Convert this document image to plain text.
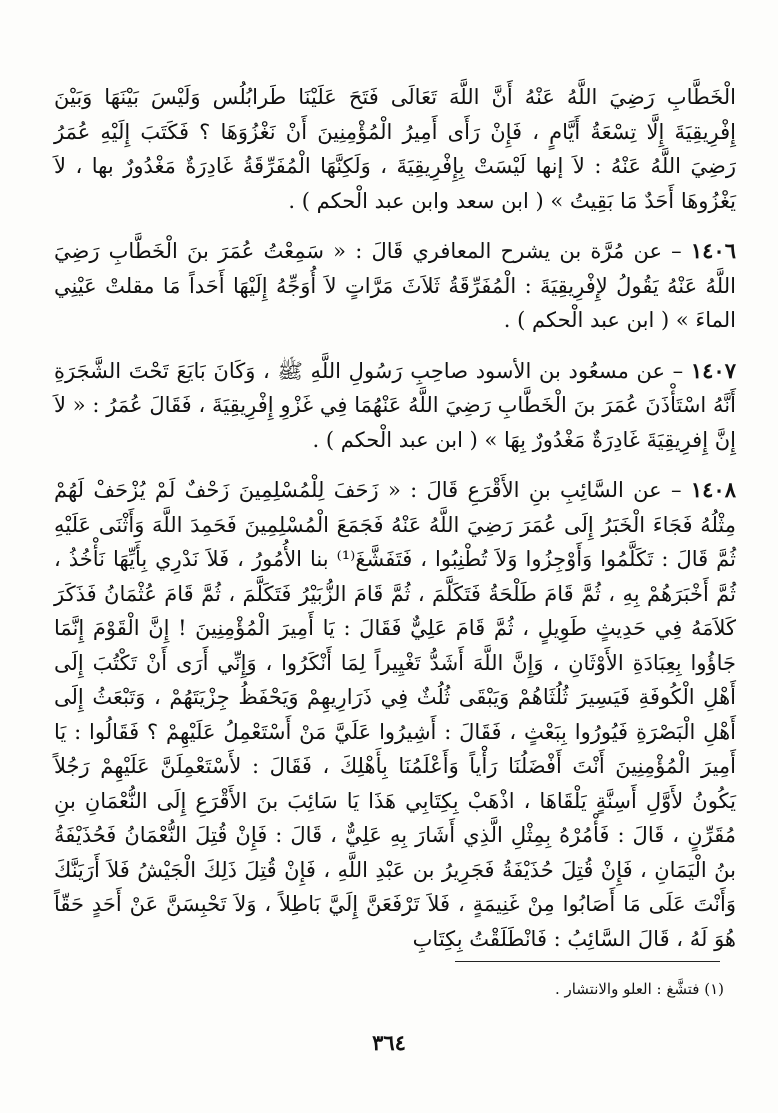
الْخَطَّابِ رَضِيَ اللَّهُ عَنْهُ أَنَّ اللَّهَ تَعَالَى فَتَحَ عَلَيْنَا طَرابُلُس وَلَيْسَ بَيْنَهَا وَبَيْنَ إِفْرِيقِيَةَ إِلَّا تِسْعَةُ أَيَّامٍ ، فَإِنْ رَأَى أَمِيرُ الْمُؤْمِنِينَ أَنْ نَغْزُوَهَا ؟ فَكَتَبَ إِلَيْهِ عُمَرُ رَضِيَ اللَّهُ عَنْهُ : لاَ إنها لَيْسَتْ بِإِفْرِيقِيَةَ ، وَلَكِنَّهَا الْمُفَرِّقَةُ غَادِرَةٌ مَغْدُورٌ بها ، لاَ يَغْزُوهَا أَحَدٌ مَا بَقِيتُ » ( ابن سعد وابن عبد الْحكم ) .

١٤٠٦ – عن مُرَّة بن يشرح المعافري قَالَ : « سَمِعْتُ عُمَرَ بنَ الْخَطَّابِ رَضِيَ اللَّهُ عَنْهُ يَقُولُ لإِفْرِيقِيَةَ : الْمُفَرِّقَةُ ثَلاَثَ مَرَّاتٍ لاَ أُوَجِّهُ إِلَيْهَا أَحَداً مَا مقلتْ عَيْنِي الماءَ » ( ابن عبد الْحكم ) .

١٤٠٧ – عن مسعُود بن الأسود صاحِبِ رَسُولِ اللَّهِ ﷺ ، وَكَانَ بَايَعَ تَحْتَ الشَّجَرَةِ أَنَّهُ اسْتَأْذَنَ عُمَرَ بنَ الْخَطَّابِ رَضِيَ اللَّهُ عَنْهُمَا فِي غَزْوِ إِفْرِيقِيَةَ ، فَقَالَ عُمَرُ : « لاَ إِنَّ إِفرِيقِيَةَ غَادِرَةٌ مَغْدُورٌ بِهَا » ( ابن عبد الْحكم ) .

١٤٠٨ – عن السَّائِبِ بنِ الأَقْرَعِ قَالَ : « زَحَفَ لِلْمُسْلِمِينَ زَحْفٌ لَمْ يُزْحَفْ لَهُمْ مِثْلُهُ فَجَاءَ الْخَبَرُ إِلَى عُمَرَ رَضِيَ اللَّهُ عَنْهُ فَجَمَعَ الْمُسْلِمِينَ فَحَمِدَ اللَّهَ وَأَثْنَى عَلَيْهِ ثُمَّ قَالَ : تَكَلَّمُوا وَأَوْجِزُوا وَلاَ تُطْنِبُوا ، فَتَفَشَّغَ⁽¹⁾ بنا الأُمُورُ ، فَلاَ نَدْرِي بِأَيِّهَا نَأْخُذُ ، ثُمَّ أَخْبَرَهُمْ بِهِ ، ثُمَّ قَامَ طَلْحَةُ فَتَكَلَّمَ ، ثُمَّ قَامَ الزُّبَيْرُ فَتَكَلَّمَ ، ثُمَّ قَامَ عُثْمَانُ فَذَكَرَ كَلاَمَهُ فِي حَدِيثٍ طَوِيلٍ ، ثُمَّ قَامَ عَلِيٌّ فَقَالَ : يَا أَمِيرَ الْمُؤْمِنِينَ ! إِنَّ الْقَوْمَ إِنَّمَا جَاؤُوا بِعِبَادَةِ الأَوْثَانِ ، وَإِنَّ اللَّهَ أَشَدُّ تَغْيِيراً لِمَا أَنْكَرُوا ، وَإِنِّي أَرَى أَنْ تَكْتُبَ إِلَى أَهْلِ الْكُوفَةِ فَيَسِيرَ ثُلُثَاهُمْ وَيَبْقَى ثُلُثٌ فِي ذَرَارِيهِمْ وَيَحْفَظُ جِزْيَتَهُمْ ، وَتَبْعَثُ إِلَى أَهْلِ الْبَصْرَةِ فَيُورُوا بِبَعْثٍ ، فَقَالَ : أَشِيرُوا عَلَيَّ مَنْ أَسْتَعْمِلُ عَلَيْهِمْ ؟ فَقَالُوا : يَا أَمِيرَ الْمُؤْمِنِينَ أَنْتَ أَفْضَلُنَا رَأْياً وَأَعْلَمُنَا بِأَهْلِكَ ، فَقَالَ : لأَسْتَعْمِلَنَّ عَلَيْهِمْ رَجُلاً يَكُونُ لأَوَّلِ أَسِنَّةٍ يَلْقَاهَا ، اذْهَبْ بِكِتَابِي هَذَا يَا سَائِبَ بنَ الأَقْرَعِ إِلَى النُّعْمَانِ بنِ مُقَرِّنٍ ، قَالَ : فَأْمُرْهُ بِمِثْلِ الَّذِي أَشَارَ بِهِ عَلِيٌّ ، قَالَ : فَإِنْ قُتِلَ النُّعْمَانُ فَحُذَيْفَةُ بنُ الْيَمَانِ ، فَإِنْ قُتِلَ حُذَيْفَةُ فَجَرِيرُ بن عَبْدِ اللَّهِ ، فَإِنْ قُتِلَ ذَلِكَ الْجَيْشُ فَلاَ أَرَيَنَّكَ وَأَنْتَ عَلَى مَا أَصَابُوا مِنْ غَنِيمَةٍ ، فَلاَ تَرْفَعَنَّ إِلَيَّ بَاطِلاً ، وَلاَ تَحْبِسَنَّ عَنْ أَحَدٍ حَقّاً هُوَ لَهُ ، قَالَ السَّائِبُ : فَانْطَلَقْتُ بِكِتَابِ

(١) فتشَّغ : العلو والانتشار .
٣٦٤
